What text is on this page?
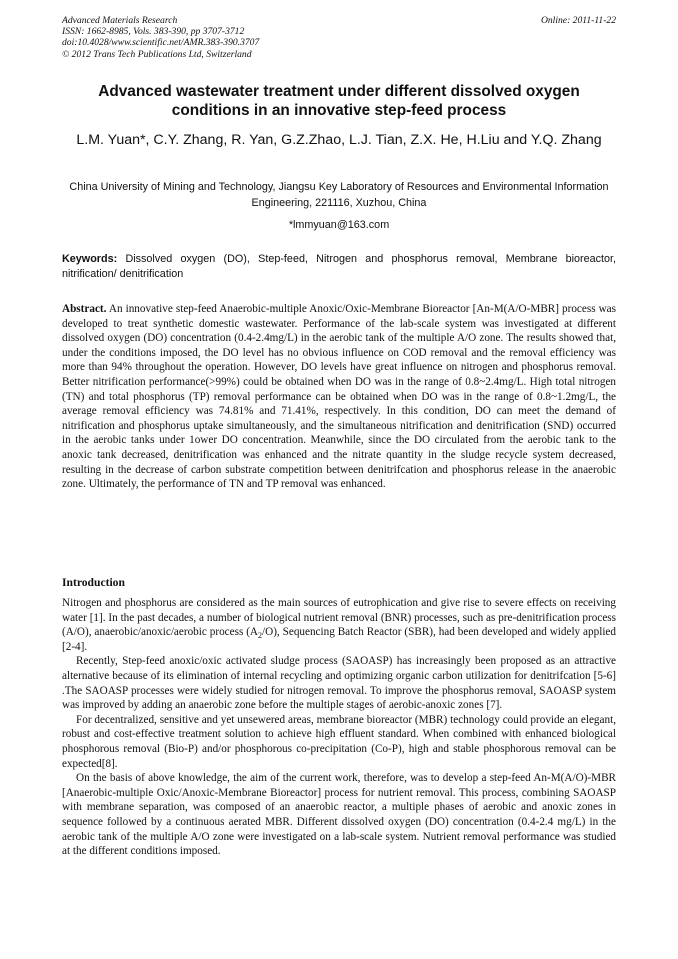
Advanced Materials Research
ISSN: 1662-8985, Vols. 383-390, pp 3707-3712
doi:10.4028/www.scientific.net/AMR.383-390.3707
© 2012 Trans Tech Publications Ltd, Switzerland
Online: 2011-11-22
Advanced wastewater treatment under different dissolved oxygen conditions in an innovative step-feed process
L.M. Yuan*, C.Y. Zhang, R. Yan, G.Z.Zhao, L.J. Tian, Z.X. He, H.Liu and Y.Q. Zhang
China University of Mining and Technology, Jiangsu Key Laboratory of Resources and Environmental Information Engineering, 221116, Xuzhou, China
*lmmyuan@163.com
Keywords: Dissolved oxygen (DO), Step-feed, Nitrogen and phosphorus removal, Membrane bioreactor, nitrification/ denitrification
Abstract. An innovative step-feed Anaerobic-multiple Anoxic/Oxic-Membrane Bioreactor [An-M(A/O-MBR] process was developed to treat synthetic domestic wastewater. Performance of the lab-scale system was investigated at different dissolved oxygen (DO) concentration (0.4-2.4mg/L) in the aerobic tank of the multiple A/O zone. The results showed that, under the conditions imposed, the DO level has no obvious influence on COD removal and the removal efficiency was more than 94% throughout the operation. However, DO levels have great influence on nitrogen and phosphorus removal. Better nitrification performance(>99%) could be obtained when DO was in the range of 0.8~2.4mg/L. High total nitrogen (TN) and total phosphorus (TP) removal performance can be obtained when DO was in the range of 0.8~1.2mg/L, the average removal efficiency was 74.81% and 71.41%, respectively. In this condition, DO can meet the demand of nitrification and phosphorus uptake simultaneously, and the simultaneous nitrification and denitrification (SND) occurred in the aerobic tanks under 1ower DO concentration. Meanwhile, since the DO circulated from the aerobic tank to the anoxic tank decreased, denitrification was enhanced and the nitrate quantity in the sludge recycle system decreased, resulting in the decrease of carbon substrate competition between denitrifcation and phosphorus release in the anaerobic zone. Ultimately, the performance of TN and TP removal was enhanced.
Introduction

Nitrogen and phosphorus are considered as the main sources of eutrophication and give rise to severe effects on receiving water [1]. In the past decades, a number of biological nutrient removal (BNR) processes, such as pre-denitrification process (A/O), anaerobic/anoxic/aerobic process $(A_2/O)$, Sequencing Batch Reactor (SBR), had been developed and widely applied [2-4].

Recently, Step-feed anoxic/oxic activated sludge process (SAOASP) has increasingly been proposed as an attractive alternative because of its elimination of internal recycling and optimizing organic carbon utilization for denitrifcation [5-6] .The SAOASP processes were widely studied for nitrogen removal. To improve the phosphorus removal, SAOASP system was improved by adding an anaerobic zone before the multiple stages of aerobic-anoxic zones [7].

For decentralized, sensitive and yet unsewered areas, membrane bioreactor (MBR) technology could provide an elegant, robust and cost-effective treatment solution to achieve high effluent standard. When combined with enhanced biological phosphorous removal (Bio-P) and/or phosphorous co-precipitation (Co-P), high and stable phosphorous removal can be expected[8].

On the basis of above knowledge, the aim of the current work, therefore, was to develop a step-feed An-M(A/O)-MBR [Anaerobic-multiple Oxic/Anoxic-Membrane Bioreactor] process for nutrient removal. This process, combining SAOASP with membrane separation, was composed of an anaerobic reactor, a multiple phases of aerobic and anoxic zones in sequence followed by a continuous aerated MBR. Different dissolved oxygen (DO) concentration (0.4-2.4 mg/L) in the aerobic tank of the multiple A/O zone were investigated on a lab-scale system. Nutrient removal performance was studied at the different conditions imposed.
